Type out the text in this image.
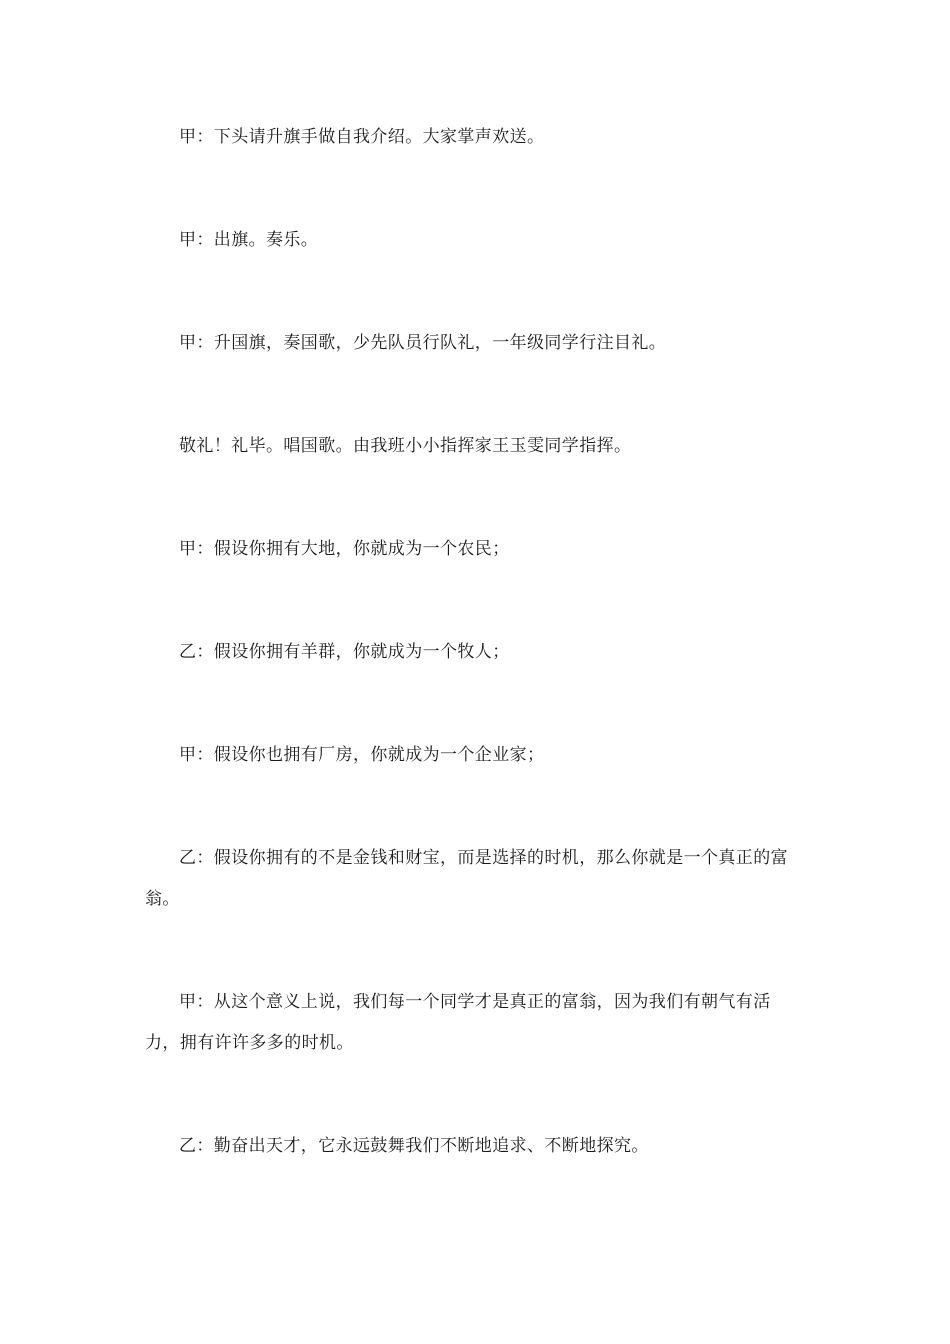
甲：下头请升旗手做自我介绍。大家掌声欢送。

甲：出旗。奏乐。

甲：升国旗，奏国歌，少先队员行队礼，一年级同学行注目礼。

敬礼！礼毕。唱国歌。由我班小小指挥家王玉雯同学指挥。

甲：假设你拥有大地，你就成为一个农民；

乙：假设你拥有羊群，你就成为一个牧人；

甲：假设你也拥有厂房，你就成为一个企业家；

乙：假设你拥有的不是金钱和财宝，而是选择的时机，那么你就是一个真正的富翁。

甲：从这个意义上说，我们每一个同学才是真正的富翁，因为我们有朝气有活力，拥有许许多多的时机。

乙：勤奋出天才，它永远鼓舞我们不断地追求、不断地探究。
